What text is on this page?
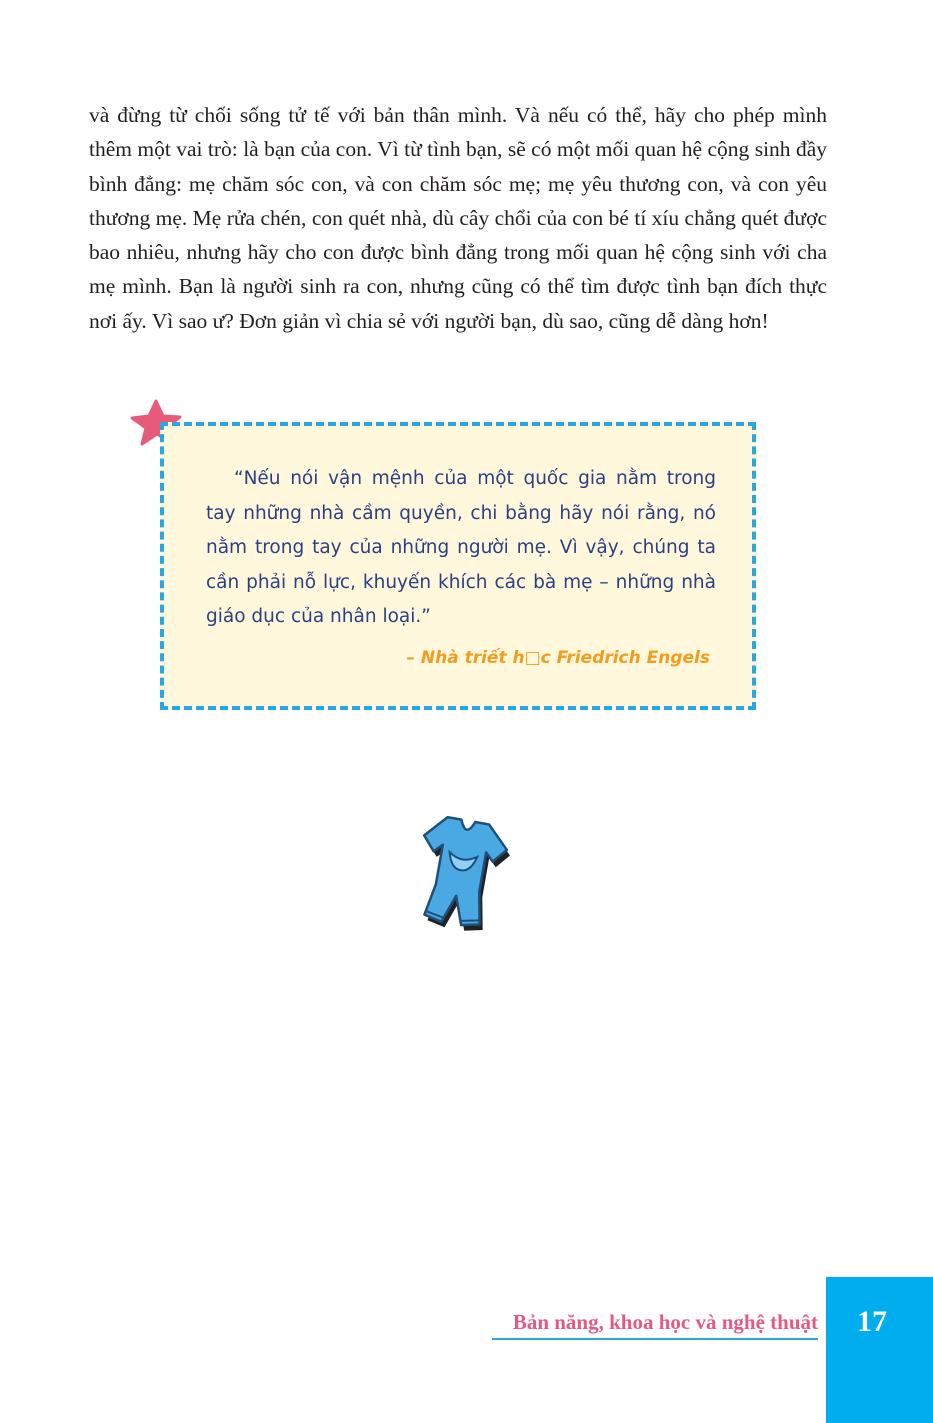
và đừng từ chối sống tử tế với bản thân mình. Và nếu có thể, hãy cho phép mình thêm một vai trò: là bạn của con. Vì từ tình bạn, sẽ có một mối quan hệ cộng sinh đầy bình đẳng: mẹ chăm sóc con, và con chăm sóc mẹ; mẹ yêu thương con, và con yêu thương mẹ. Mẹ rửa chén, con quét nhà, dù cây chổi của con bé tí xíu chẳng quét được bao nhiêu, nhưng hãy cho con được bình đẳng trong mối quan hệ cộng sinh với cha mẹ mình. Bạn là người sinh ra con, nhưng cũng có thể tìm được tình bạn đích thực nơi ấy. Vì sao ư? Đơn giản vì chia sẻ với người bạn, dù sao, cũng dễ dàng hơn!

“Nếu nói vận mệnh của một quốc gia nằm trong tay những nhà cầm quyền, chi bằng hãy nói rằng, nó nằm trong tay của những người mẹ. Vì vậy, chúng ta cần phải nỗ lực, khuyến khích các bà mẹ – những nhà giáo dục của nhân loại.”

– Nhà triết h□c Friedrich Engels
Bản năng, khoa học và nghệ thuật	17
